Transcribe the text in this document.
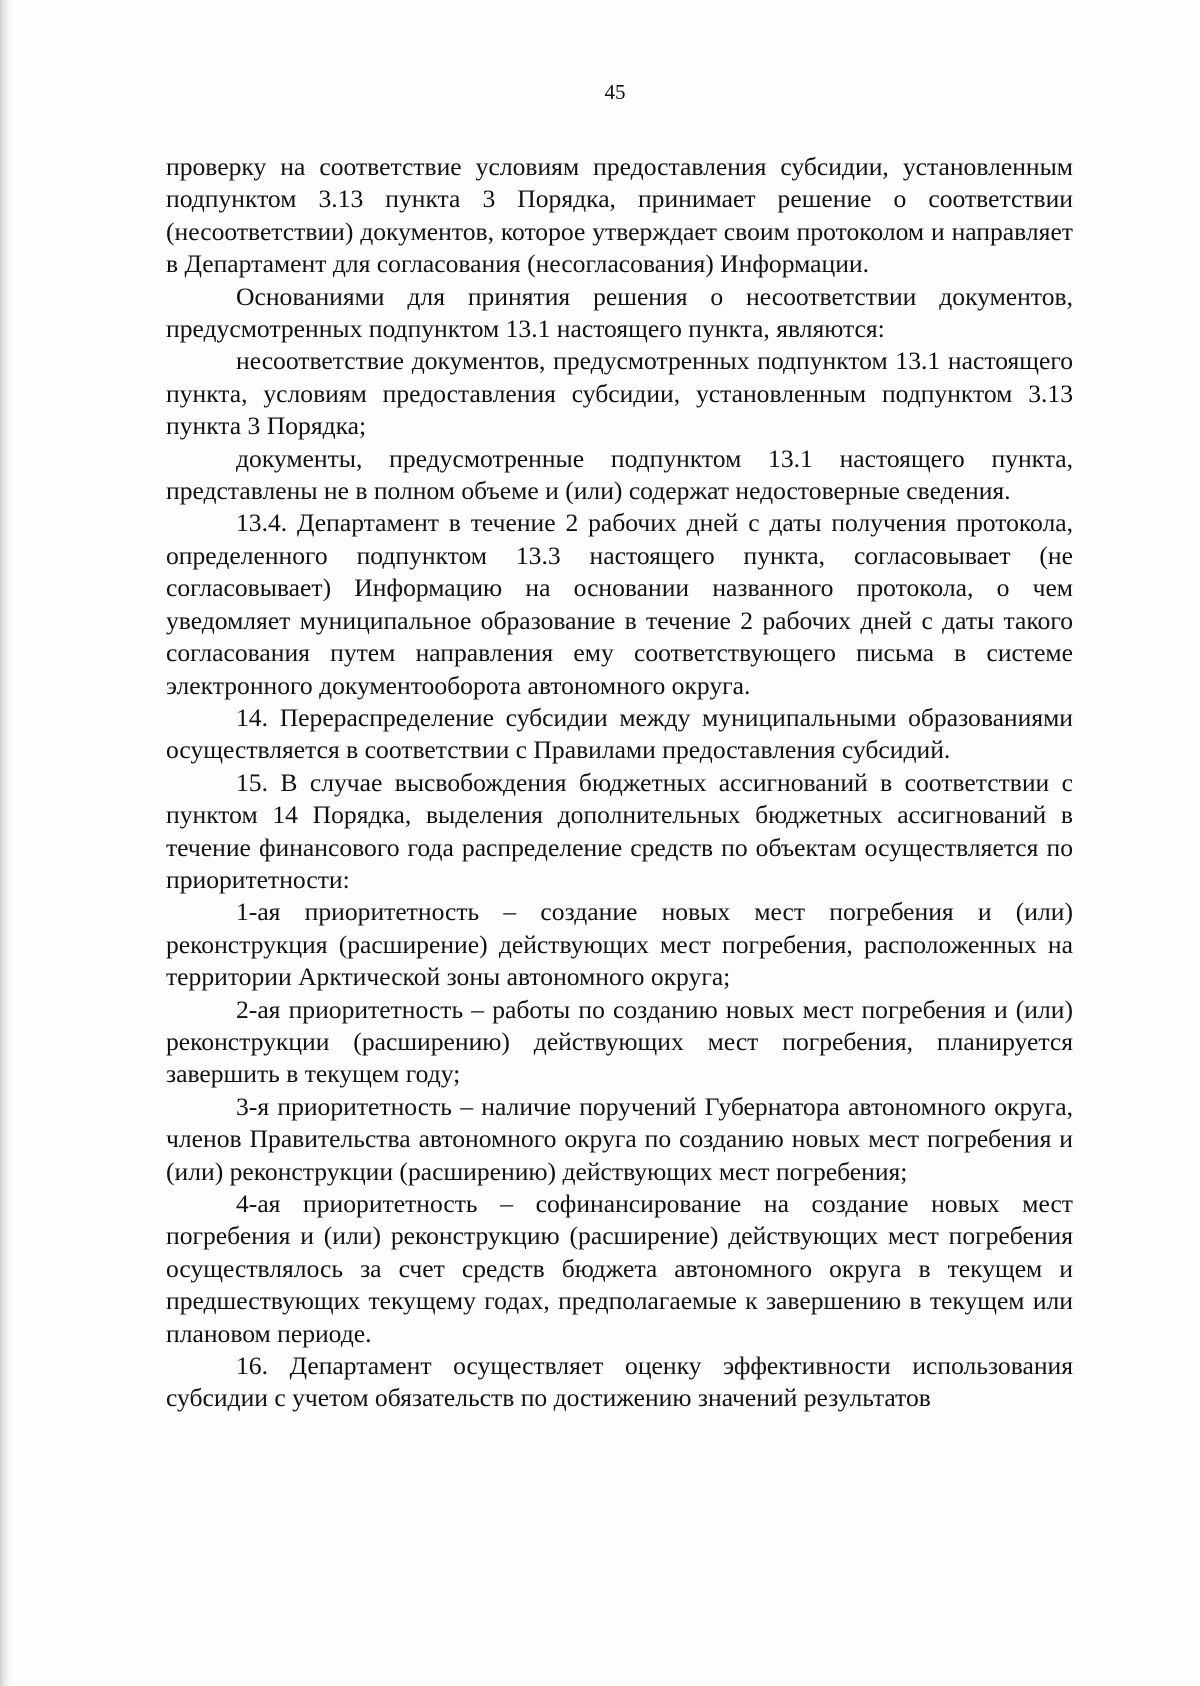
45

проверку на соответствие условиям предоставления субсидии, установленным подпунктом 3.13 пункта 3 Порядка, принимает решение о соответствии (несоответствии) документов, которое утверждает своим протоколом и направляет в Департамент для согласования (несогласования) Информации.

Основаниями для принятия решения о несоответствии документов, предусмотренных подпунктом 13.1 настоящего пункта, являются:

несоответствие документов, предусмотренных подпунктом 13.1 настоящего пункта, условиям предоставления субсидии, установленным подпунктом 3.13 пункта 3 Порядка;

документы, предусмотренные подпунктом 13.1 настоящего пункта, представлены не в полном объеме и (или) содержат недостоверные сведения.

13.4. Департамент в течение 2 рабочих дней с даты получения протокола, определенного подпунктом 13.3 настоящего пункта, согласовывает (не согласовывает) Информацию на основании названного протокола, о чем уведомляет муниципальное образование в течение 2 рабочих дней с даты такого согласования путем направления ему соответствующего письма в системе электронного документооборота автономного округа.

14. Перераспределение субсидии между муниципальными образованиями осуществляется в соответствии с Правилами предоставления субсидий.

15. В случае высвобождения бюджетных ассигнований в соответствии с пунктом 14 Порядка, выделения дополнительных бюджетных ассигнований в течение финансового года распределение средств по объектам осуществляется по приоритетности:

1-ая приоритетность – создание новых мест погребения и (или) реконструкция (расширение) действующих мест погребения, расположенных на территории Арктической зоны автономного округа;

2-ая приоритетность – работы по созданию новых мест погребения и (или) реконструкции (расширению) действующих мест погребения, планируется завершить в текущем году;

3-я приоритетность – наличие поручений Губернатора автономного округа, членов Правительства автономного округа по созданию новых мест погребения и (или) реконструкции (расширению) действующих мест погребения;

4-ая приоритетность – софинансирование на создание новых мест погребения и (или) реконструкцию (расширение) действующих мест погребения осуществлялось за счет средств бюджета автономного округа в текущем и предшествующих текущему годах, предполагаемые к завершению в текущем или плановом периоде.

16. Департамент осуществляет оценку эффективности использования субсидии с учетом обязательств по достижению значений результатов
